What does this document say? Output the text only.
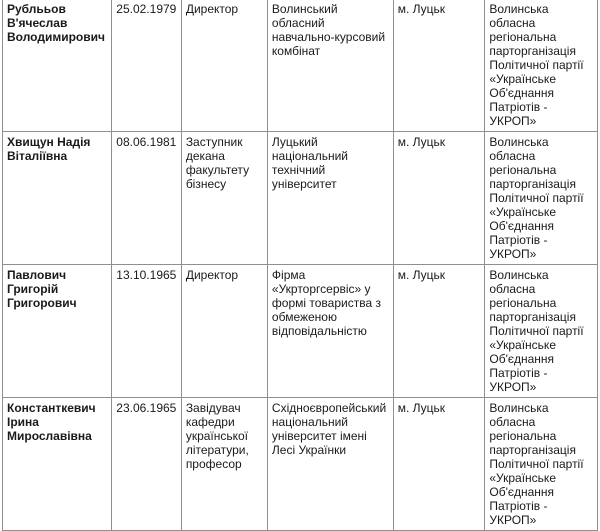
Рублььов В'ячеслав Володимирович	25.02.1979	Директор	Волинський обласний навчально-курсовий комбінат	м. Луцьк	Волинська обласна регіональна парторганізація Політичної партії «Українське Об'єднання Патріотів - УКРОП»
Хвищун Надія Віталіївна	08.06.1981	Заступник декана факультету бізнесу	Луцький національний технічний університет	м. Луцьк	Волинська обласна регіональна парторганізація Політичної партії «Українське Об'єднання Патріотів - УКРОП»
Павлович Григорій Григорович	13.10.1965	Директор	Фірма «Укрторгсервіс» у формі товариства з обмеженою відповідальністю	м. Луцьк	Волинська обласна регіональна парторганізація Політичної партії «Українське Об'єднання Патріотів - УКРОП»
Константкевич Ірина Мирославівна	23.06.1965	Завідувач кафедри української літератури, професор	Східноєвропейський національний університет імені Лесі Українки	м. Луцьк	Волинська обласна регіональна парторганізація Політичної партії «Українське Об'єднання Патріотів - УКРОП»
